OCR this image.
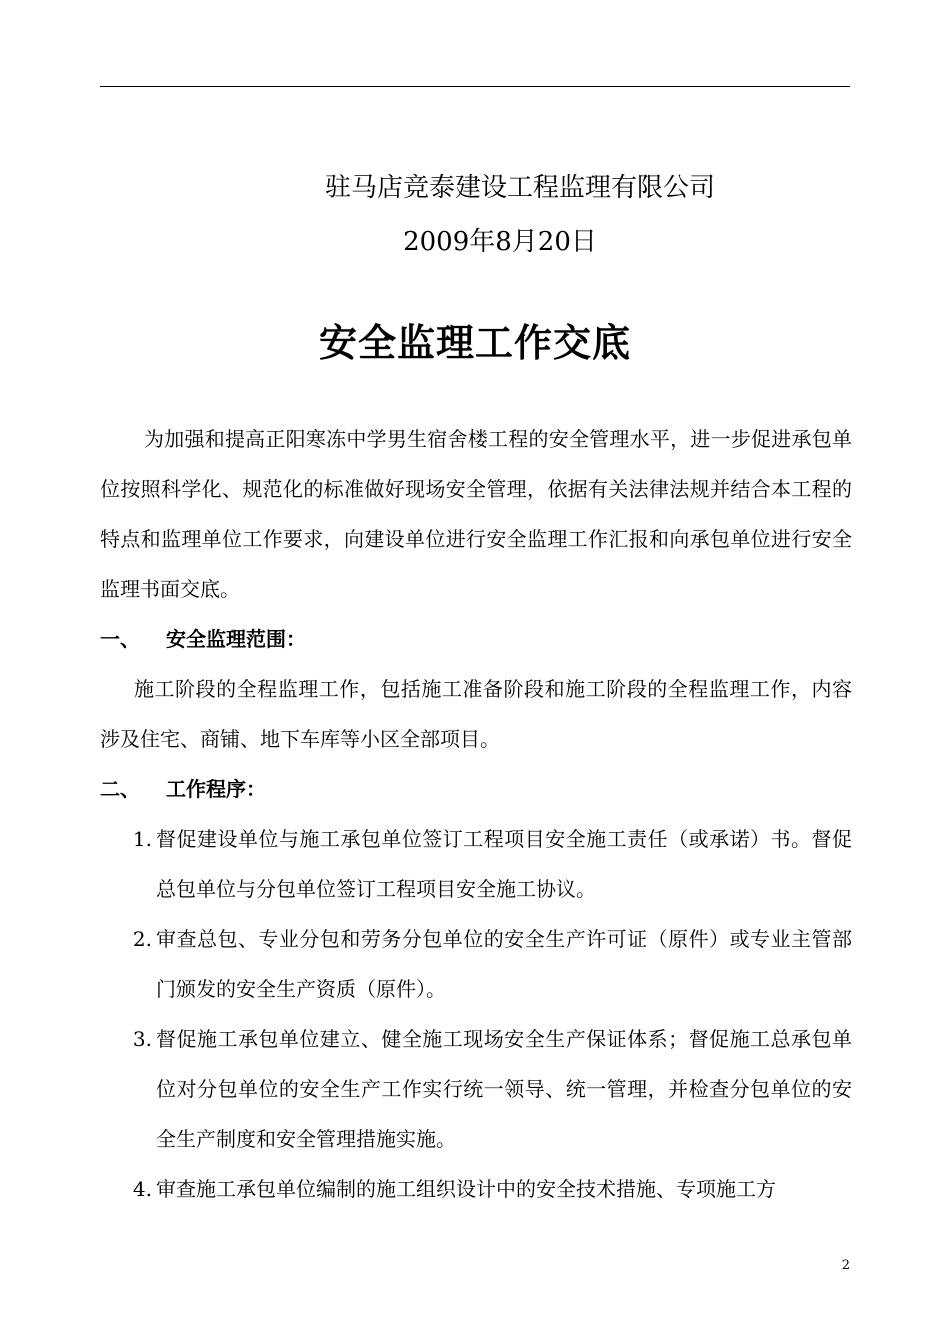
驻马店竞泰建设工程监理有限公司
2009年8月20日
安全监理工作交底

为加强和提高正阳寒冻中学男生宿舍楼工程的安全管理水平，进一步促进承包单位按照科学化、规范化的标准做好现场安全管理，依据有关法律法规并结合本工程的特点和监理单位工作要求，向建设单位进行安全监理工作汇报和向承包单位进行安全监理书面交底。

一、	安全监理范围：

施工阶段的全程监理工作，包括施工准备阶段和施工阶段的全程监理工作，内容涉及住宅、商铺、地下车库等小区全部项目。

二、	工作程序：
1. 督促建设单位与施工承包单位签订工程项目安全施工责任（或承诺）书。督促总包单位与分包单位签订工程项目安全施工协议。
2. 审查总包、专业分包和劳务分包单位的安全生产许可证（原件）或专业主管部门颁发的安全生产资质（原件）。
3. 督促施工承包单位建立、健全施工现场安全生产保证体系；督促施工总承包单位对分包单位的安全生产工作实行统一领导、统一管理，并检查分包单位的安全生产制度和安全管理措施实施。
4. 审查施工承包单位编制的施工组织设计中的安全技术措施、专项施工方
2
